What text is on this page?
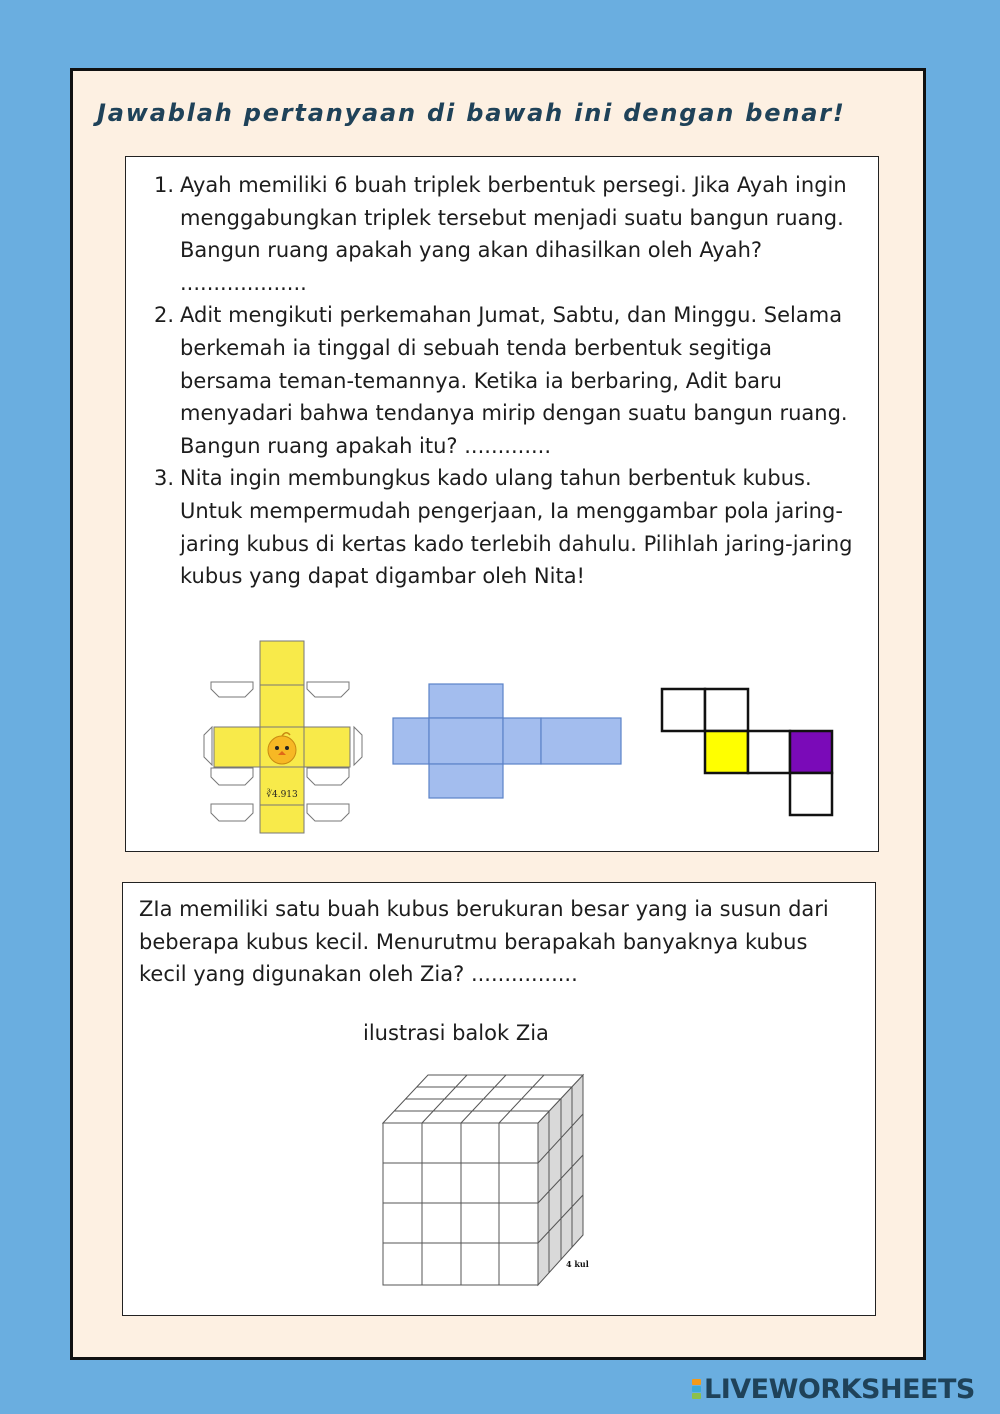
Jawablah pertanyaan di bawah ini dengan benar!
1. Ayah memiliki 6 buah triplek berbentuk persegi. Jika Ayah ingin menggabungkan triplek tersebut menjadi suatu bangun ruang. Bangun ruang apakah yang akan dihasilkan oleh Ayah? ...................
2. Adit mengikuti perkemahan Jumat, Sabtu, dan Minggu. Selama berkemah ia tinggal di sebuah tenda berbentuk segitiga bersama teman-temannya. Ketika ia berbaring, Adit baru menyadari bahwa tendanya mirip dengan suatu bangun ruang. Bangun ruang apakah itu? .............
3. Nita ingin membungkus kado ulang tahun berbentuk kubus. Untuk mempermudah pengerjaan, Ia menggambar pola jaring-jaring kubus di kertas kado terlebih dahulu. Pilihlah jaring-jaring kubus yang dapat digambar oleh Nita!
∛4.913
ZIa memiliki satu buah kubus berukuran besar yang ia susun dari beberapa kubus kecil. Menurutmu berapakah banyaknya kubus kecil yang digunakan oleh Zia? ................
ilustrasi balok Zia
4 kul
LIVEWORKSHEETS
